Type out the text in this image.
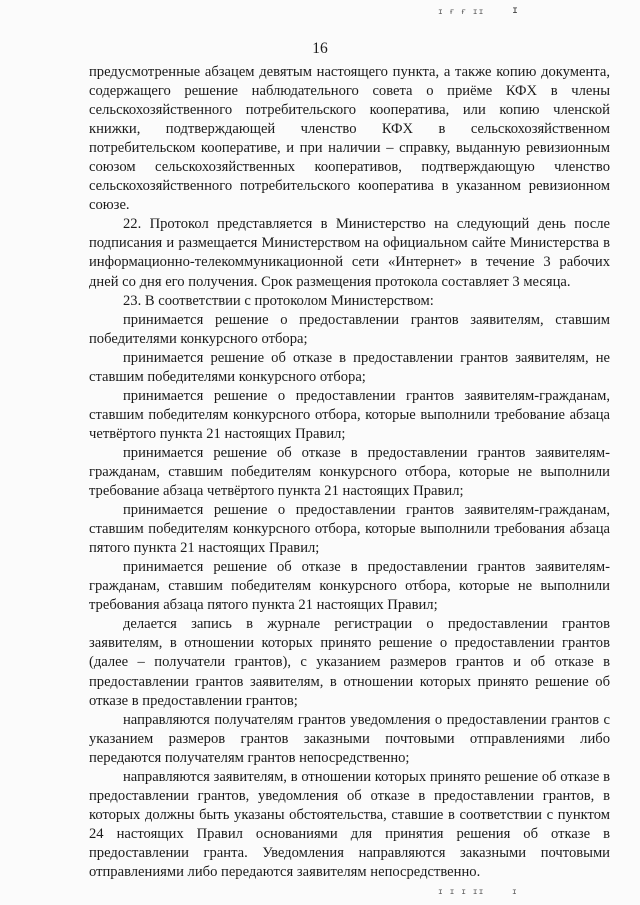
ɪ ғ ғ ɪɪ	ɪ
16

предусмотренные абзацем девятым настоящего пункта, а также копию документа, содержащего решение наблюдательного совета о приёме КФХ в члены сельскохозяйственного потребительского кооператива, или копию членской книжки, подтверждающей членство КФХ в сельскохозяйственном потребительском кооперативе, и при наличии – справку, выданную ревизионным союзом сельскохозяйственных кооперативов, подтверждающую членство сельскохозяйственного потребительского кооператива в указанном ревизионном союзе.

22. Протокол представляется в Министерство на следующий день после подписания и размещается Министерством на официальном сайте Министерства в информационно-телекоммуникационной сети «Интернет» в течение 3 рабочих дней со дня его получения. Срок размещения протокола составляет 3 месяца.

23. В соответствии с протоколом Министерством:

принимается решение о предоставлении грантов заявителям, ставшим победителями конкурсного отбора;

принимается решение об отказе в предоставлении грантов заявителям, не ставшим победителями конкурсного отбора;

принимается решение о предоставлении грантов заявителям-гражданам, ставшим победителям конкурсного отбора, которые выполнили требование абзаца четвёртого пункта 21 настоящих Правил;

принимается решение об отказе в предоставлении грантов заявителям-гражданам, ставшим победителям конкурсного отбора, которые не выполнили требование абзаца четвёртого пункта 21 настоящих Правил;

принимается решение о предоставлении грантов заявителям-гражданам, ставшим победителям конкурсного отбора, которые выполнили требования абзаца пятого пункта 21 настоящих Правил;

принимается решение об отказе в предоставлении грантов заявителям-гражданам, ставшим победителям конкурсного отбора, которые не выполнили требования абзаца пятого пункта 21 настоящих Правил;

делается запись в журнале регистрации о предоставлении грантов заявителям, в отношении которых принято решение о предоставлении грантов (далее – получатели грантов), с указанием размеров грантов и об отказе в предоставлении грантов заявителям, в отношении которых принято решение об отказе в предоставлении грантов;

направляются получателям грантов уведомления о предоставлении грантов с указанием размеров грантов заказными почтовыми отправлениями либо передаются получателям грантов непосредственно;

направляются заявителям, в отношении которых принято решение об отказе в предоставлении грантов, уведомления об отказе в предоставлении грантов, в которых должны быть указаны обстоятельства, ставшие в соответствии с пунктом 24 настоящих Правил основаниями для принятия решения об отказе в предоставлении гранта. Уведомления направляются заказными почтовыми отправлениями либо передаются заявителям непосредственно.

ɪ ɪ ɪ ɪɪ	ɪ
